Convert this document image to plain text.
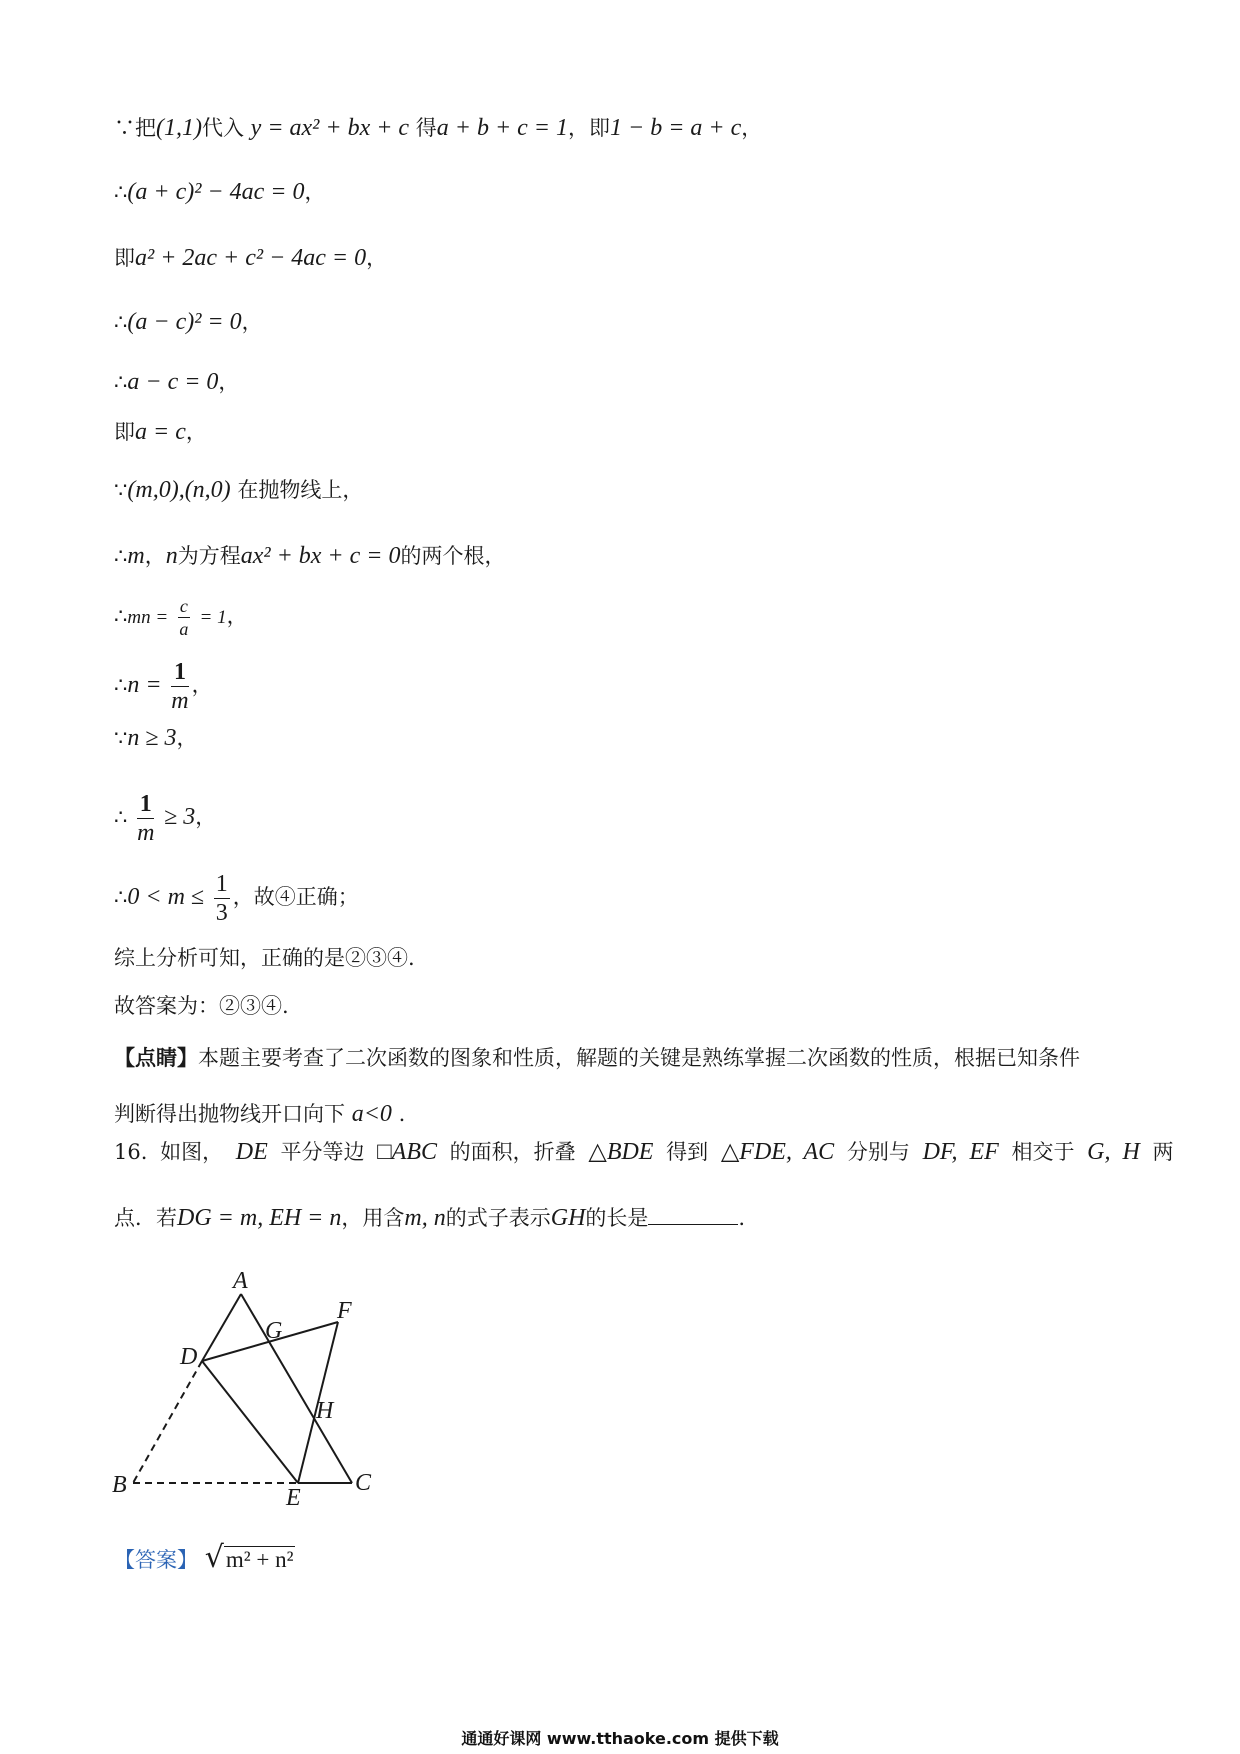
∵把(1,1)代入 y = ax² + bx + c 得a + b + c = 1，即1 − b = a + c，
∴(a + c)² − 4ac = 0，
即a² + 2ac + c² − 4ac = 0，
∴(a − c)² = 0，
∴a − c = 0，
即a = c，
∵(m,0),(n,0) 在抛物线上，
∴m，n为方程ax² + bx + c = 0的两个根，
∴mn = $\frac{c}{a} = 1$，
∴n = $\frac{1}{m}$ ，
∵n ≥ 3，
∴ $\frac{1}{m} \ge 3$，
∴0 < $m \le \frac{1}{3}$ ，故④正确；
综上分析可知，正确的是②③④.
故答案为：②③④.
【点睛】本题主要考查了二次函数的图象和性质，解题的关键是熟练掌握二次函数的性质，根据已知条件
判断得出抛物线开口向下 a<0 .
16. 如图， DE 平分等边 □ABC 的面积，折叠 △BDE 得到 △FDE, AC 分别与 DF, EF 相交于 G, H 两
点．若DG = m, EH = n，用含m, n的式子表示GH的长是	.
A
D
G
F
H
B	E
C
【答案】 √m² + n²
通通好课网 www.tthaoke.com 提供下载
